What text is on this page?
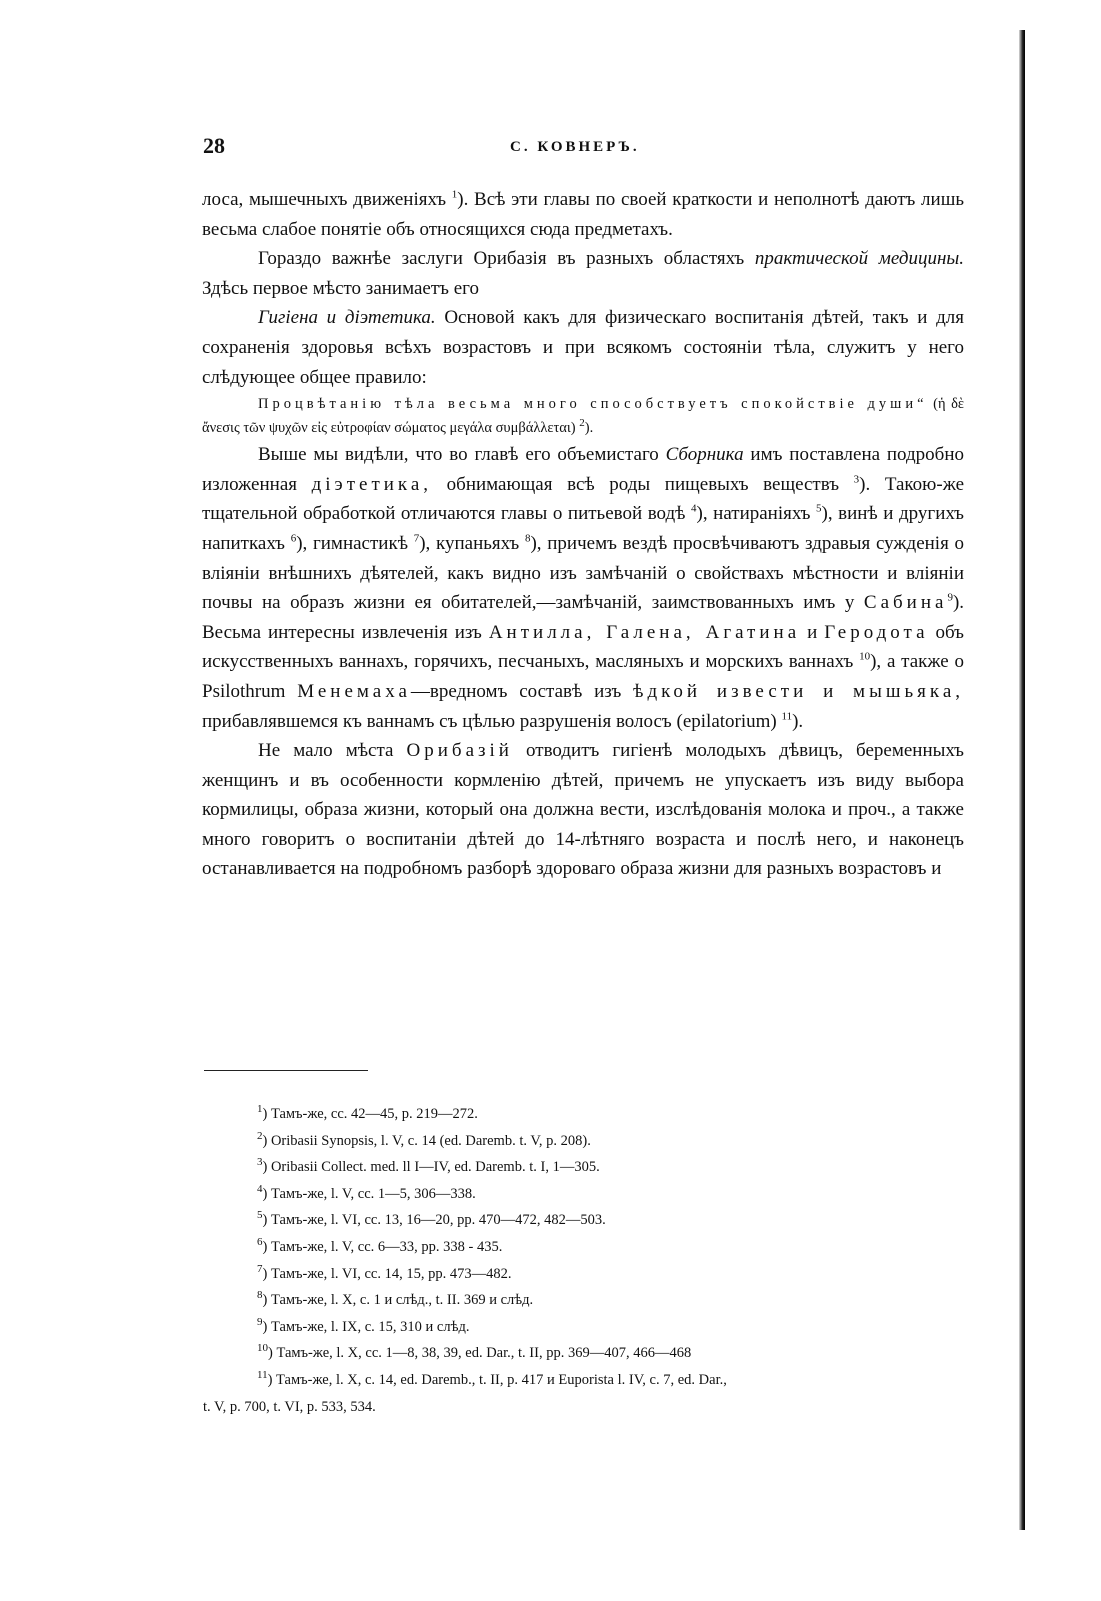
28	С. КОВНЕРЪ.

лоса, мышечныхъ движеніяхъ $^1$). Всѣ эти главы по своей краткости и неполнотѣ даютъ лишь весьма слабое понятіе объ относящихся сюда предметахъ.

Гораздо важнѣе заслуги Орибазія въ разныхъ областяхъ практической медицины. Здѣсь первое мѣсто занимаетъ его

Гигіена и діэтетика. Основой какъ для физическаго воспитанія дѣтей, такъ и для сохраненія здоровья всѣхъ возрастовъ и при всякомъ состояніи тѣла, служитъ у него слѣдующее общее правило:

Процвѣтанію тѣла весьма много способствуетъ спокойствіе души“ (ἡ δὲ ἄνεσις τῶν ψυχῶν εἰς εὐτροφίαν σώματος μεγάλα συμβάλλεται) $^2$).

Выше мы видѣли, что во главѣ его объемистаго Сборника имъ поставлена подробно изложенная діэтетика, обнимающая всѣ роды пищевыхъ веществъ $^3$). Такою-же тщательной обработкой отличаются главы о питьевой водѣ $^4$), натираніяхъ $^5$), винѣ и другихъ напиткахъ $^6$), гимнастикѣ $^7$), купаньяхъ $^8$), причемъ вездѣ просвѣчиваютъ здравыя сужденія о вліяніи внѣшнихъ дѣятелей, какъ видно изъ замѣчаній о свойствахъ мѣстности и вліяніи почвы на образъ жизни ея обитателей,—замѣчаній, заимствованныхъ имъ у Сабина$^9$). Весьма интересны извлеченія изъ Антилла, Галена, Агатина и Геродота объ искусственныхъ ваннахъ, горячихъ, песчаныхъ, масляныхъ и морскихъ ваннахъ $^{10}$), а также о Psilothrum Менемаха—вредномъ составѣ изъ ѣдкой извести и мышьяка, прибавлявшемся къ ваннамъ съ цѣлью разрушенія волосъ (epilatorium) $^{11}$).

Не мало мѣста Орибазій отводитъ гигіенѣ молодыхъ дѣвицъ, беременныхъ женщинъ и въ особенности кормленію дѣтей, причемъ не упускаетъ изъ виду выбора кормилицы, образа жизни, который она должна вести, изслѣдованія молока и проч., а также много говоритъ о воспитаніи дѣтей до 14-лѣтняго возраста и послѣ него, и наконецъ останавливается на подробномъ разборѣ здороваго образа жизни для разныхъ возрастовъ и

$^1$) Тамъ-же, сс. 42—45, p. 219—272.
$^2$) Oribasii Synopsis, l. V, c. 14 (ed. Daremb. t. V, p. 208).
$^3$) Oribasii Collect. med. ll I—IV, ed. Daremb. t. I, 1—305.
$^4$) Тамъ-же, l. V, cc. 1—5, 306—338.
$^5$) Тамъ-же, l. VI, cc. 13, 16—20, pp. 470—472, 482—503.
$^6$) Тамъ-же, l. V, cc. 6—33, pp. 338 - 435.
$^7$) Тамъ-же, l. VI, cc. 14, 15, pp. 473—482.
$^8$) Тамъ-же, l. X, c. 1 и слѣд., t. II. 369 и слѣд.
$^9$) Тамъ-же, l. IX, c. 15, 310 и слѣд.
$^{10}$) Тамъ-же, l. X, cc. 1—8, 38, 39, ed. Dar., t. II, pp. 369—407, 466—468
$^{11}$) Тамъ-же, l. X, c. 14, ed. Daremb., t. II, p. 417 и Euporista l. IV, c. 7, ed. Dar.,
t. V, p. 700, t. VI, p. 533, 534.
